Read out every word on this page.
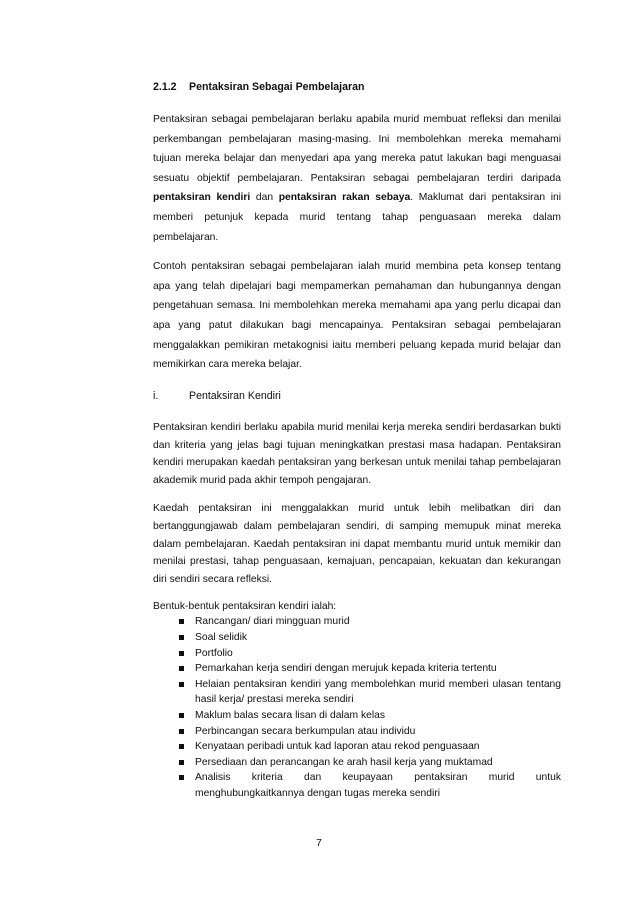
2.1.2 Pentaksiran Sebagai Pembelajaran

Pentaksiran sebagai pembelajaran berlaku apabila murid membuat refleksi dan menilai perkembangan pembelajaran masing-masing. Ini membolehkan mereka memahami tujuan mereka belajar dan menyedari apa yang mereka patut lakukan bagi menguasai sesuatu objektif pembelajaran. Pentaksiran sebagai pembelajaran terdiri daripada pentaksiran kendiri dan pentaksiran rakan sebaya. Maklumat dari pentaksiran ini memberi petunjuk kepada murid tentang tahap penguasaan mereka dalam pembelajaran.

Contoh pentaksiran sebagai pembelajaran ialah murid membina peta konsep tentang apa yang telah dipelajari bagi mempamerkan pemahaman dan hubungannya dengan pengetahuan semasa. Ini membolehkan mereka memahami apa yang perlu dicapai dan apa yang patut dilakukan bagi mencapainya. Pentaksiran sebagai pembelajaran menggalakkan pemikiran metakognisi iaitu memberi peluang kepada murid belajar dan memikirkan cara mereka belajar.

i.	Pentaksiran Kendiri

Pentaksiran kendiri berlaku apabila murid menilai kerja mereka sendiri berdasarkan bukti dan kriteria yang jelas bagi tujuan meningkatkan prestasi masa hadapan. Pentaksiran kendiri merupakan kaedah pentaksiran yang berkesan untuk menilai tahap pembelajaran akademik murid pada akhir tempoh pengajaran.

Kaedah pentaksiran ini menggalakkan murid untuk lebih melibatkan diri dan bertanggungjawab dalam pembelajaran sendiri, di samping memupuk minat mereka dalam pembelajaran. Kaedah pentaksiran ini dapat membantu murid untuk memikir dan menilai prestasi, tahap penguasaan, kemajuan, pencapaian, kekuatan dan kekurangan diri sendiri secara refleksi.

Bentuk-bentuk pentaksiran kendiri ialah:

Rancangan/ diari mingguan murid
Soal selidik
Portfolio
Pemarkahan kerja sendiri dengan merujuk kepada kriteria tertentu
Helaian pentaksiran kendiri yang membolehkan murid memberi ulasan tentang hasil kerja/ prestasi mereka sendiri
Maklum balas secara lisan di dalam kelas
Perbincangan secara berkumpulan atau individu
Kenyataan peribadi untuk kad laporan atau rekod penguasaan
Persediaan dan perancangan ke arah hasil kerja yang muktamad
Analisis kriteria dan keupayaan pentaksiran murid untuk menghubungkaitkannya dengan tugas mereka sendiri
7
